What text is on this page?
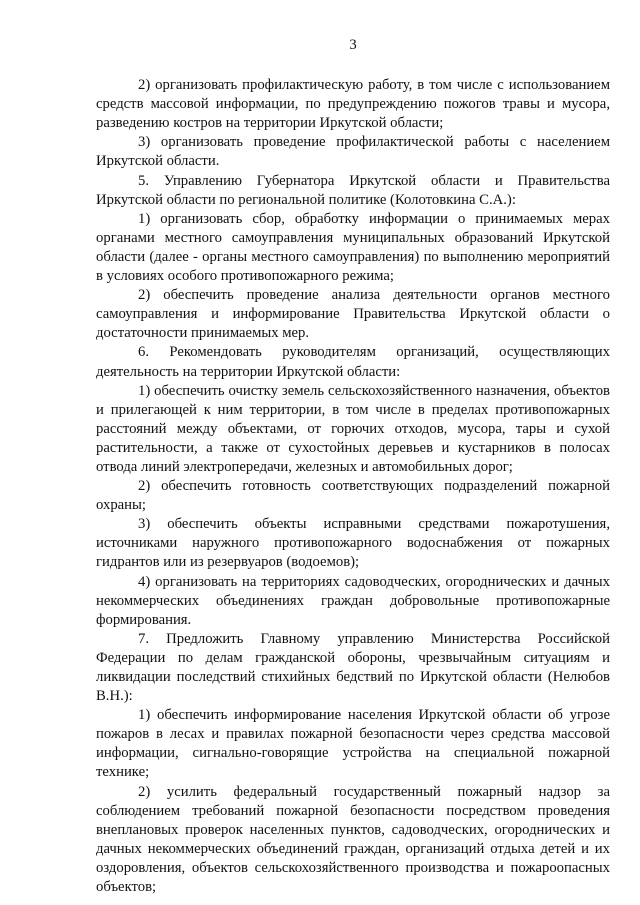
3

2) организовать профилактическую работу, в том числе с использованием средств массовой информации, по предупреждению пожогов травы и мусора, разведению костров на территории Иркутской области;

3) организовать проведение профилактической работы с населением Иркутской области.

5. Управлению Губернатора Иркутской области и Правительства Иркутской области по региональной политике (Колотовкина С.А.):

1) организовать сбор, обработку информации о принимаемых мерах органами местного самоуправления муниципальных образований Иркутской области (далее - органы местного самоуправления) по выполнению мероприятий в условиях особого противопожарного режима;

2) обеспечить проведение анализа деятельности органов местного самоуправления и информирование Правительства Иркутской области о достаточности принимаемых мер.

6. Рекомендовать руководителям организаций, осуществляющих деятельность на территории Иркутской области:

1) обеспечить очистку земель сельскохозяйственного назначения, объектов и прилегающей к ним территории, в том числе в пределах противопожарных расстояний между объектами, от горючих отходов, мусора, тары и сухой растительности, а также от сухостойных деревьев и кустарников в полосах отвода линий электропередачи, железных и автомобильных дорог;

2) обеспечить готовность соответствующих подразделений пожарной охраны;

3) обеспечить объекты исправными средствами пожаротушения, источниками наружного противопожарного водоснабжения от пожарных гидрантов или из резервуаров (водоемов);

4) организовать на территориях садоводческих, огороднических и дачных некоммерческих объединениях граждан добровольные противопожарные формирования.

7. Предложить Главному управлению Министерства Российской Федерации по делам гражданской обороны, чрезвычайным ситуациям и ликвидации последствий стихийных бедствий по Иркутской области (Нелюбов В.Н.):

1) обеспечить информирование населения Иркутской области об угрозе пожаров в лесах и правилах пожарной безопасности через средства массовой информации, сигнально-говорящие устройства на специальной пожарной технике;

2) усилить федеральный государственный пожарный надзор за соблюдением требований пожарной безопасности посредством проведения внеплановых проверок населенных пунктов, садоводческих, огороднических и дачных некоммерческих объединений граждан, организаций отдыха детей и их оздоровления, объектов сельскохозяйственного производства и пожароопасных объектов;
